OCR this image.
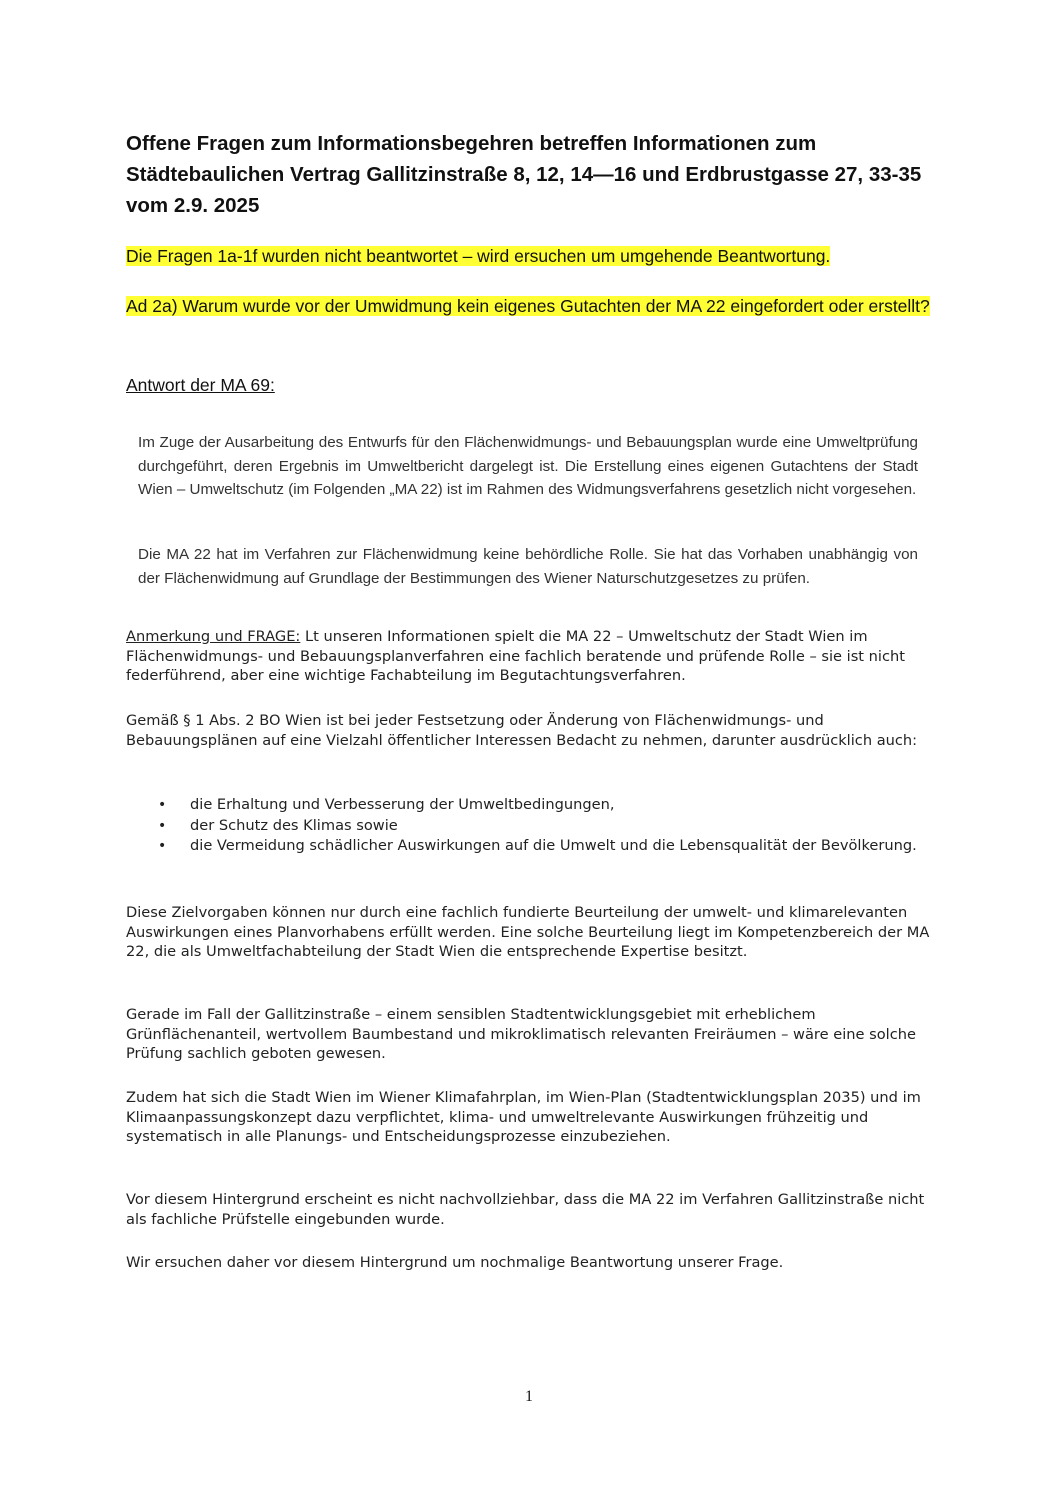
Offene Fragen zum Informationsbegehren betreffen Informationen zum Städtebaulichen Vertrag Gallitzinstraße 8, 12, 14—16 und Erdbrustgasse 27, 33-35 vom 2.9. 2025

Die Fragen 1a-1f wurden nicht beantwortet – wird ersuchen um umgehende Beantwortung.

Ad 2a) Warum wurde vor der Umwidmung kein eigenes Gutachten der MA 22 eingefordert oder erstellt?

Antwort der MA 69:

Im Zuge der Ausarbeitung des Entwurfs für den Flächenwidmungs- und Bebauungsplan wurde eine Umweltprüfung durchgeführt, deren Ergebnis im Umweltbericht dargelegt ist. Die Erstellung eines eigenen Gutachtens der Stadt Wien – Umweltschutz (im Folgenden „MA 22) ist im Rahmen des Widmungsverfahrens gesetzlich nicht vorgesehen.

Die MA 22 hat im Verfahren zur Flächenwidmung keine behördliche Rolle. Sie hat das Vorhaben unabhängig von der Flächenwidmung auf Grundlage der Bestimmungen des Wiener Naturschutzgesetzes zu prüfen.

Anmerkung und FRAGE: Lt unseren Informationen spielt die MA 22 – Umweltschutz der Stadt Wien im Flächenwidmungs- und Bebauungsplanverfahren eine fachlich beratende und prüfende Rolle – sie ist nicht federführend, aber eine wichtige Fachabteilung im Begutachtungsverfahren.

Gemäß § 1 Abs. 2 BO Wien ist bei jeder Festsetzung oder Änderung von Flächenwidmungs- und Bebauungsplänen auf eine Vielzahl öffentlicher Interessen Bedacht zu nehmen, darunter ausdrücklich auch:

• die Erhaltung und Verbesserung der Umweltbedingungen,
• der Schutz des Klimas sowie
• die Vermeidung schädlicher Auswirkungen auf die Umwelt und die Lebensqualität der Bevölkerung.

Diese Zielvorgaben können nur durch eine fachlich fundierte Beurteilung der umwelt- und klimarelevanten Auswirkungen eines Planvorhabens erfüllt werden. Eine solche Beurteilung liegt im Kompetenzbereich der MA 22, die als Umweltfachabteilung der Stadt Wien die entsprechende Expertise besitzt.

Gerade im Fall der Gallitzinstraße – einem sensiblen Stadtentwicklungsgebiet mit erheblichem Grünflächenanteil, wertvollem Baumbestand und mikroklimatisch relevanten Freiräumen – wäre eine solche Prüfung sachlich geboten gewesen.

Zudem hat sich die Stadt Wien im Wiener Klimafahrplan, im Wien-Plan (Stadtentwicklungsplan 2035) und im Klimaanpassungskonzept dazu verpflichtet, klima- und umweltrelevante Auswirkungen frühzeitig und systematisch in alle Planungs- und Entscheidungsprozesse einzubeziehen.

Vor diesem Hintergrund erscheint es nicht nachvollziehbar, dass die MA 22 im Verfahren Gallitzinstraße nicht als fachliche Prüfstelle eingebunden wurde.

Wir ersuchen daher vor diesem Hintergrund um nochmalige Beantwortung unserer Frage.

1
